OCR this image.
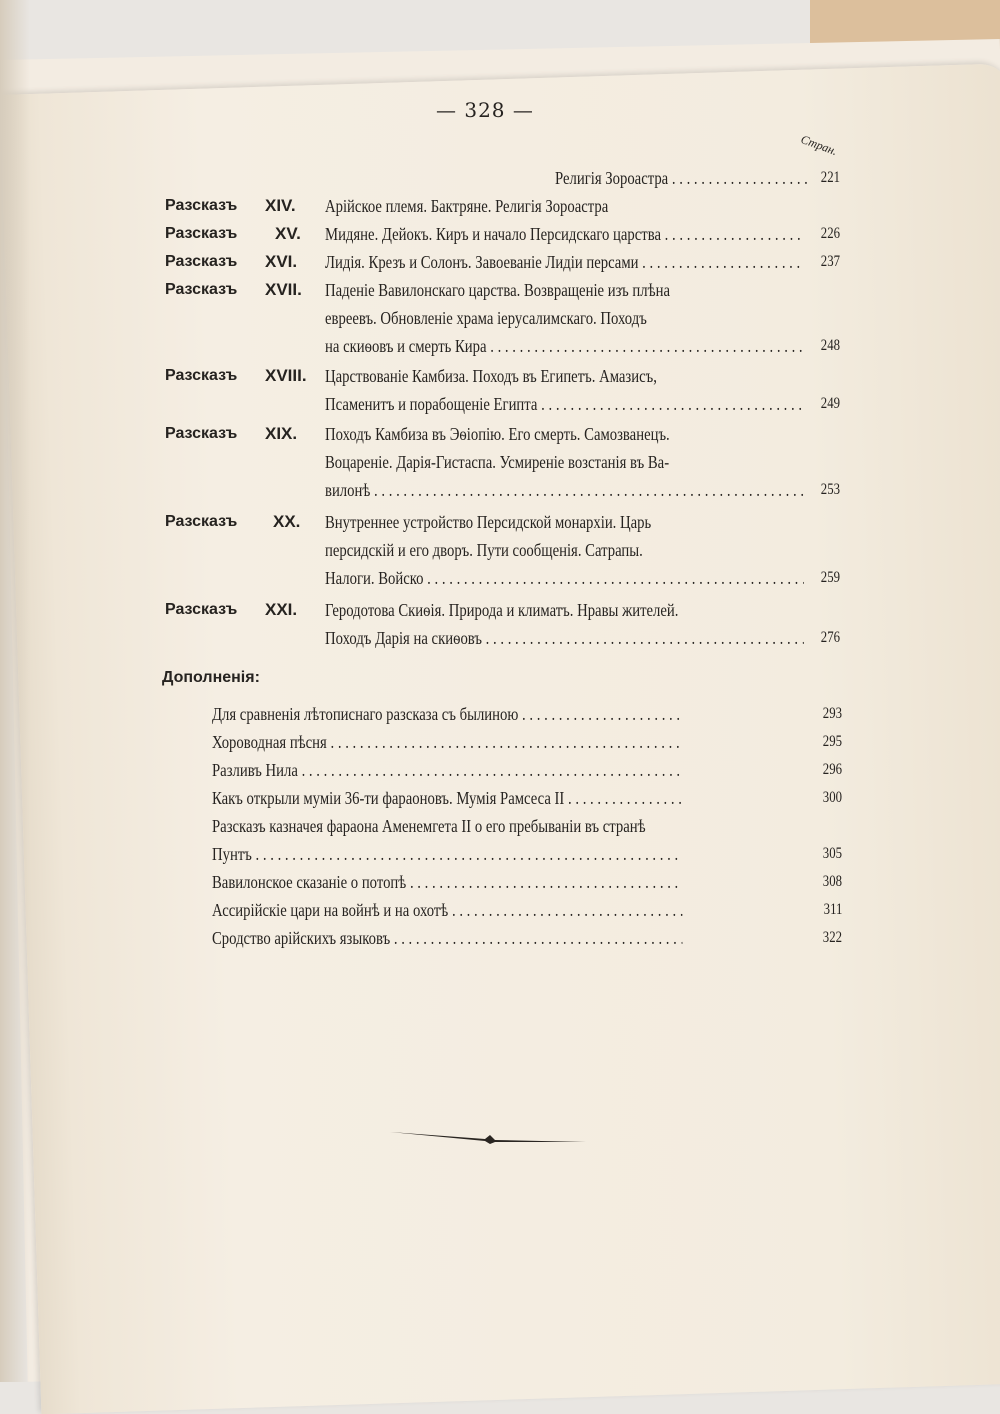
— 328 —
Стран.
Религія Зороастра . . .	221
Разсказъ XIV. Арійское племя. Бактряне. Религія Зороастра
Разсказъ XV. Мидяне. Дейокъ. Киръ и начало Персидскаго царства . . .	226
Разсказъ XVI. Лидія. Крезъ и Солонъ. Завоеваніе Лидіи персами . . .	237
Разсказъ XVII. Паденіе Вавилонскаго царства. Возвращеніе изъ плѣна
евреевъ. Обновленіе храма іерусалимскаго. Походъ
на скиѳовъ и смерть Кира . . .	248
Разсказъ XVIII. Царствованіе Камбиза. Походъ въ Египетъ. Амазисъ,
Псаменитъ и порабощеніе Египта . . .	249
Разсказъ XIX. Походъ Камбиза въ Эѳіопію. Его смерть. Самозванецъ.
Воцареніе. Дарія-Гистаспа. Усмиреніе возстанія въ Ва-
вилонѣ . . .	253
Разсказъ XX. Внутреннее устройство Персидской монархіи. Царь
персидскій и его дворъ. Пути сообщенія. Сатрапы.
Налоги. Войско . . .	259
Разсказъ XXI. Геродотова Скиѳія. Природа и климатъ. Нравы жителей.
Походъ Дарія на скиѳовъ . . .	276
Дополненія:
Для сравненія лѣтописнаго разсказа съ былиною . . .	293
Хороводная пѣсня . . .	295
Разливъ Нила . . .	296
Какъ открыли муміи 36-ти фараоновъ. Мумія Рамсеса II . . .	300
Разсказъ казначея фараона Аменемгета II о его пребываніи въ странѣ
Пунтъ . . .	305
Вавилонское сказаніе о потопѣ . . .	308
Ассирійскіе цари на войнѣ и на охотѣ . . .	311
Сродство арійскихъ языковъ . . .	322
